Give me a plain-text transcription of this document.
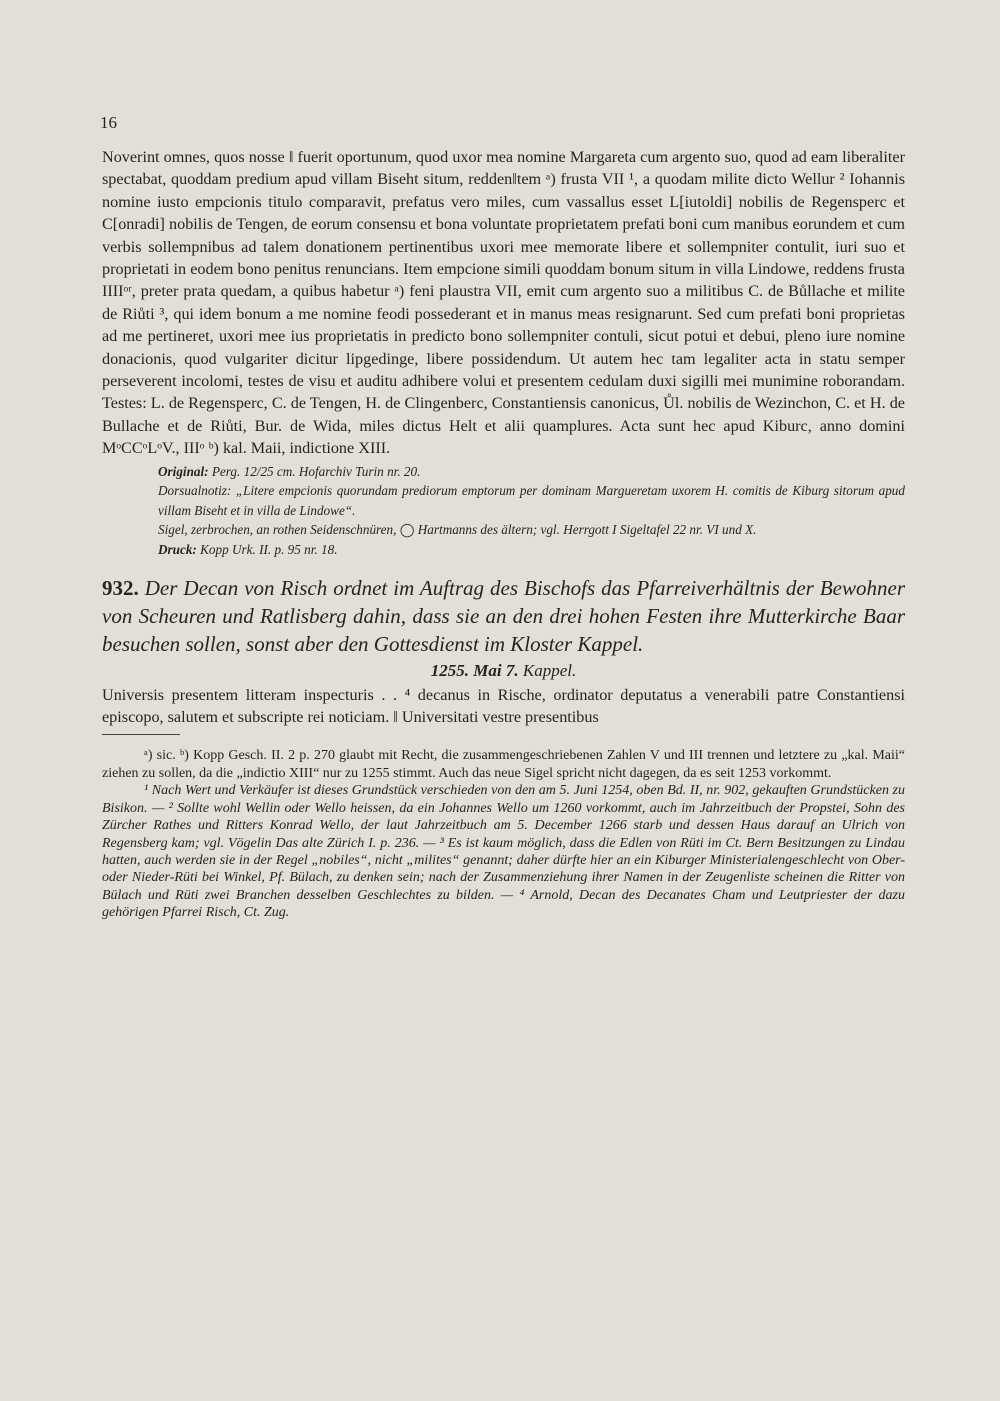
16

Noverint omnes, quos nosse ‖ fuerit oportunum, quod uxor mea nomine Margareta cum argento suo, quod ad eam liberaliter spectabat, quoddam predium apud villam Biseht situm, redden‖tem ᵃ) frusta VII ¹, a quodam milite dicto Wellur ² Iohannis nomine iusto empcionis titulo comparavit, prefatus vero miles, cum vassallus esset L[iutoldi] nobilis de Regensperc et C[onradi] nobilis de Tengen, de eorum consensu et bona voluntate proprietatem prefati boni cum manibus eorundem et cum verbis sollempnibus ad talem donationem pertinentibus uxori mee memorate libere et sollempniter contulit, iuri suo et proprietati in eodem bono penitus renuncians. Item empcione simili quoddam bonum situm in villa Lindowe, reddens frusta IIIIᵒʳ, preter prata quedam, a quibus habetur ᵃ) feni plaustra VII, emit cum argento suo a militibus C. de Bůllache et milite de Riůti ³, qui idem bonum a me nomine feodi possederant et in manus meas resignarunt. Sed cum prefati boni proprietas ad me pertineret, uxori mee ius proprietatis in predicto bono sollempniter contuli, sicut potui et debui, pleno iure nomine donacionis, quod vulgariter dicitur lipgedinge, libere possidendum. Ut autem hec tam legaliter acta in statu semper perseverent incolomi, testes de visu et auditu adhibere volui et presentem cedulam duxi sigilli mei munimine roborandam. Testes: L. de Regensperc, C. de Tengen, H. de Clingenberc, Constantiensis canonicus, Ůl. nobilis de Wezinchon, C. et H. de Bullache et de Riůti, Bur. de Wida, miles dictus Helt et alii quamplures. Acta sunt hec apud Kiburc, anno domini MᵒCCᵒLᵒV., IIIᵒ ᵇ) kal. Maii, indictione XIII.

Original: Perg. 12/25 cm. Hofarchiv Turin nr. 20.

Dorsualnotiz: „Litere empcionis quorundam prediorum emptorum per dominam Margueretam uxorem H. comitis de Kiburg sitorum apud villam Biseht et in villa de Lindowe“.

Sigel, zerbrochen, an rothen Seidenschnüren, ◯ Hartmanns des ältern; vgl. Herrgott I Sigeltafel 22 nr. VI und X.

Druck: Kopp Urk. II. p. 95 nr. 18.

932. Der Decan von Risch ordnet im Auftrag des Bischofs das Pfarreiverhältnis der Bewohner von Scheuren und Ratlisberg dahin, dass sie an den drei hohen Festen ihre Mutterkirche Baar besuchen sollen, sonst aber den Gottesdienst im Kloster Kappel.
1255. Mai 7. Kappel.

Universis presentem litteram inspecturis . . ⁴ decanus in Rische, ordinator deputatus a venerabili patre Constantiensi episcopo, salutem et subscripte rei noticiam. ‖ Universitati vestre presentibus

ᵃ) sic. ᵇ) Kopp Gesch. II. 2 p. 270 glaubt mit Recht, die zusammengeschriebenen Zahlen V und III trennen und letztere zu „kal. Maii“ ziehen zu sollen, da die „indictio XIII“ nur zu 1255 stimmt. Auch das neue Sigel spricht nicht dagegen, da es seit 1253 vorkommt.

¹ Nach Wert und Verkäufer ist dieses Grundstück verschieden von den am 5. Juni 1254, oben Bd. II, nr. 902, gekauften Grundstücken zu Bisikon. — ² Sollte wohl Wellin oder Wello heissen, da ein Johannes Wello um 1260 vorkommt, auch im Jahrzeitbuch der Propstei, Sohn des Zürcher Rathes und Ritters Konrad Wello, der laut Jahrzeitbuch am 5. December 1266 starb und dessen Haus darauf an Ulrich von Regensberg kam; vgl. Vögelin Das alte Zürich I. p. 236. — ³ Es ist kaum möglich, dass die Edlen von Rüti im Ct. Bern Besitzungen zu Lindau hatten, auch werden sie in der Regel „nobiles“, nicht „milites“ genannt; daher dürfte hier an ein Kiburger Ministerialengeschlecht von Ober- oder Nieder-Rüti bei Winkel, Pf. Bülach, zu denken sein; nach der Zusammenziehung ihrer Namen in der Zeugenliste scheinen die Ritter von Bülach und Rüti zwei Branchen desselben Geschlechtes zu bilden. — ⁴ Arnold, Decan des Decanates Cham und Leutpriester der dazu gehörigen Pfarrei Risch, Ct. Zug.
